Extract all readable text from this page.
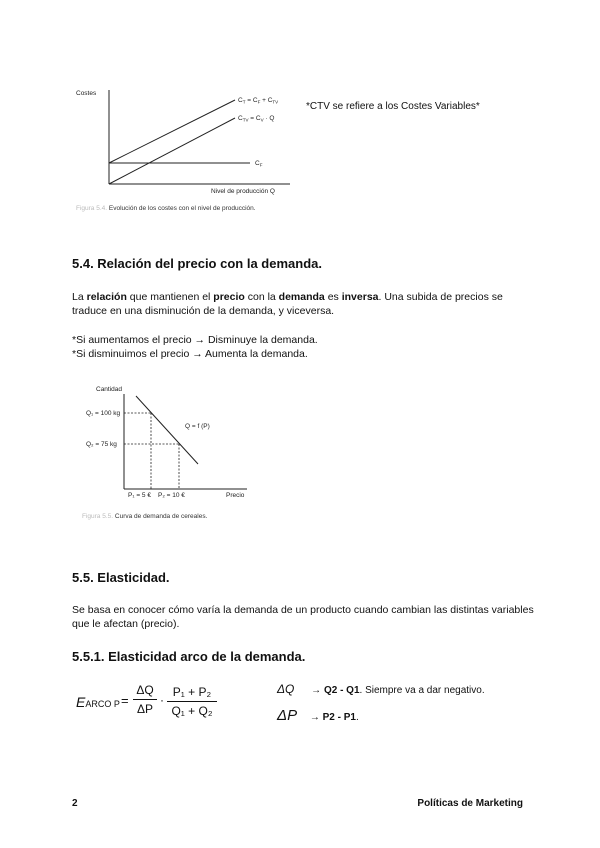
Costes
$C_T = C_F + C_{TV}$
$C_{TV} = C_V \cdot Q$
$C_F$
Nivel de producción Q
*CTV se refiere a los Costes Variables*
Figura 5.4. Evolución de los costes con el nivel de producción.
5.4. Relación del precio con la demanda.

La relación que mantienen el precio con la demanda es inversa. Una subida de precios se traduce en una disminución de la demanda, y viceversa.

*Si aumentamos el precio → Disminuye la demanda.

*Si disminuimos el precio → Aumenta la demanda.

Cantidad
Q₁ = 100 kg
Q₂ = 75 kg
Q = f (P)
P₁ = 5 € P₂ = 10 €	Precio
Figura 5.5. Curva de demanda de cereales.
5.5. Elasticidad.

Se basa en conocer cómo varía la demanda de un producto cuando cambian las distintas variables que le afectan (precio).

5.5.1. Elasticidad arco de la demanda.
EARCO P =
ΔQ
ΔP
·
P₁ + P₂
Q₁ + Q₂
ΔQ → Q2 - Q1. Siempre va a dar negativo.
ΔP → P2 - P1.
2	Políticas de Marketing
